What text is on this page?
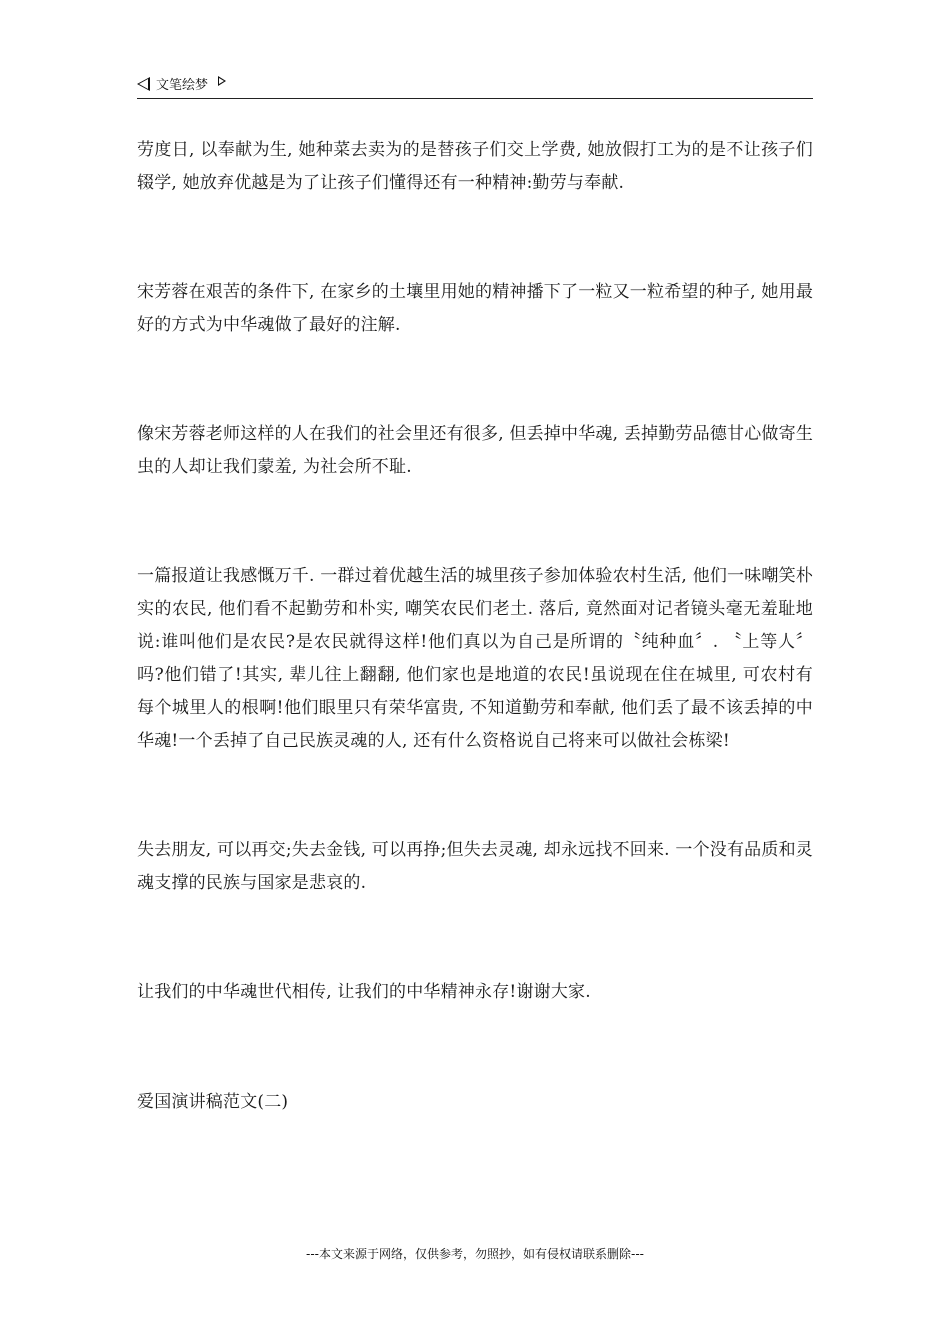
文笔绘梦

劳度日, 以奉献为生, 她种菜去卖为的是替孩子们交上学费, 她放假打工为的是不让孩子们辍学, 她放弃优越是为了让孩子们懂得还有一种精神:勤劳与奉献.

宋芳蓉在艰苦的条件下, 在家乡的土壤里用她的精神播下了一粒又一粒希望的种子, 她用最好的方式为中华魂做了最好的注解.

像宋芳蓉老师这样的人在我们的社会里还有很多, 但丢掉中华魂, 丢掉勤劳品德甘心做寄生虫的人却让我们蒙羞, 为社会所不耻.

一篇报道让我感慨万千. 一群过着优越生活的城里孩子参加体验农村生活, 他们一味嘲笑朴实的农民, 他们看不起勤劳和朴实, 嘲笑农民们老土. 落后, 竟然面对记者镜头毫无羞耻地说:谁叫他们是农民?是农民就得这样!他们真以为自己是所谓的〝纯种血〞. 〝上等人〞吗?他们错了!其实, 辈儿往上翻翻, 他们家也是地道的农民!虽说现在住在城里, 可农村有每个城里人的根啊!他们眼里只有荣华富贵, 不知道勤劳和奉献, 他们丢了最不该丢掉的中华魂!一个丢掉了自己民族灵魂的人, 还有什么资格说自己将来可以做社会栋梁!

失去朋友, 可以再交;失去金钱, 可以再挣;但失去灵魂, 却永远找不回来. 一个没有品质和灵魂支撑的民族与国家是悲哀的.

让我们的中华魂世代相传, 让我们的中华精神永存!谢谢大家.

爱国演讲稿范文(二)

---本文来源于网络，仅供参考，勿照抄，如有侵权请联系删除---
